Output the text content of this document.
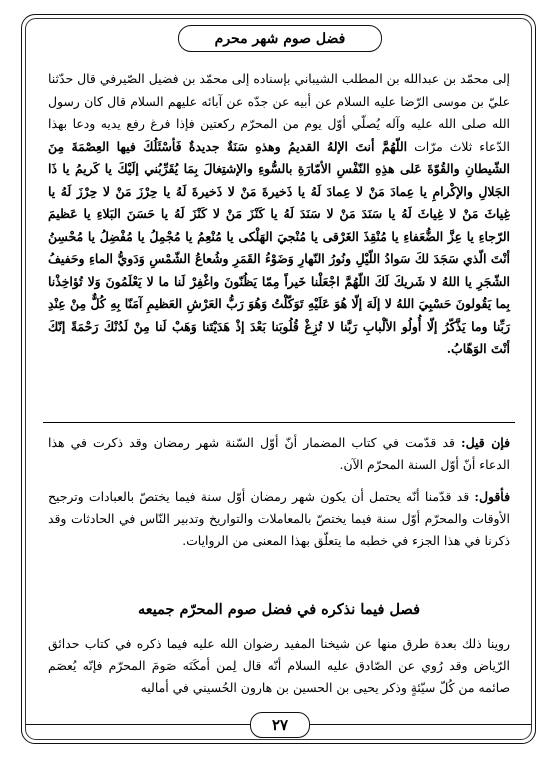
فضل صوم شهر محرم
إلى محمّد بن عبدالله بن المطلب الشيباني بإسناده إلى محمّد بن فضيل الصّيرفي قال حدّثنا عليّ بن موسى الرّضا عليه السلام عن أبيه عن جدّه عن آبائه عليهم السلام قال كان رسول الله صلى الله عليه وآله يُصلّي أوّل يوم من المحرّم ركعتين فإذا فرغ رفع يديه ودعا بهذا الدّعاء ثلاث مرّات اللّهُمَّ أنتَ الإلهُ القديمُ وهذهِ سَنَةٌ جديدةٌ فَأسْئَلُكَ فيها العِصْمَةَ مِنَ الشّيطانِ والقُوّةَ عَلى هذِهِ النّفْسِ الأمّارَةِ بالسُّوءِ والإشتِغالَ بِمَا يُقَرِّبُني إلَيْكَ يا كَريمُ يا ذَا الجَلالِ والإكْرامِ يا عِمادَ مَنْ لا عِمادَ لَهُ يا ذَخيرةَ مَنْ لا ذَخيرةَ لَهُ يا حِرْزَ مَنْ لا حِرْزَ لَهُ يا غِياثَ مَنْ لا غِياثَ لَهُ يا سَنَدَ مَنْ لا سَنَدَ لَهُ يا كَنْزَ مَنْ لا كَنْزَ لَهُ يا حَسَنَ البَلاءِ يا عَظيمَ الرّجاءِ يا عِزَّ الضُّعَفاءِ يا مُنْقِذَ الغَرْقى يا مُنْجيَ الهَلْكى يا مُنْعِمُ يا مُجْمِلُ يا مُفْضِلُ يا مُحْسِنُ أنْتَ الّذي سَجَدَ لكَ سَوادُ اللّيْلِ ونُورُ النّهارِ وَضَوْءُ القَمَرِ وشُعاعُ الشّمْسِ وَدَويُّ الماءِ وحَفيفُ الشّجَرِ يا اللهُ لا شَريكَ لَكَ اللّهُمَّ اجْعَلْنا خَيراً مِمّا يَظُنّونَ واغْفِرْ لَنا ما لا يَعْلَمُونَ وَلا تُؤاخِذْنا بِما يَقُولونَ حَسْبِيَ اللهُ لا إلَهَ إلّا هُوَ عَلَيْهِ تَوَكّلْتُ وَهُوَ رَبُّ العَرْشِ العَظيمِ آمَنّا بِهِ كُلٌّ مِنْ عِنْدِ رَبِّنا وما يَذَّكّرُ إلّا أُولُو الألْبابِ رَبَّنا لا تُزِغْ قُلُوبَنا بَعْدَ إذْ هَدَيْتَنا وَهَبْ لَنا مِنْ لَدُنْكَ رَحْمَةً إنّكَ أنْتَ الوَهّابُ.
فإن قيل: قد قدّمت في كتاب المضمار أنّ أوّل السّنة شهر رمضان وقد ذكرت في هذا الدعاء أنّ أوّل السنة المحرّم الآن.
فأقول: قد قدّمنا أنّه يحتمل أن يكون شهر رمضان أوّل سنة فيما يختصّ بالعبادات وترجيح الأوقات والمحرّم أوّل سنة فيما يختصّ بالمعاملات والتواريخ وتدبير النّاس في الحادثات وقد ذكرنا في هذا الجزء في خطبه ما يتعلّق بهذا المعنى من الروايات.
فصل فيما نذكره في فضل صوم المحرّم جميعه
روينا ذلك بعدة طرق منها عن شيخنا المفيد رضوان الله عليه فيما ذكره في كتاب حدائق الرّياض وقد رُوي عن الصّادق عليه السلام أنّه قال لِمن أمكَنَه صَومَ المحرّم فإنّه يُعصَم صائمه من كُلّ سيّئةٍ وذكر يحيى بن الحسين بن هارون الحُسيني في أماليه
٢٧
